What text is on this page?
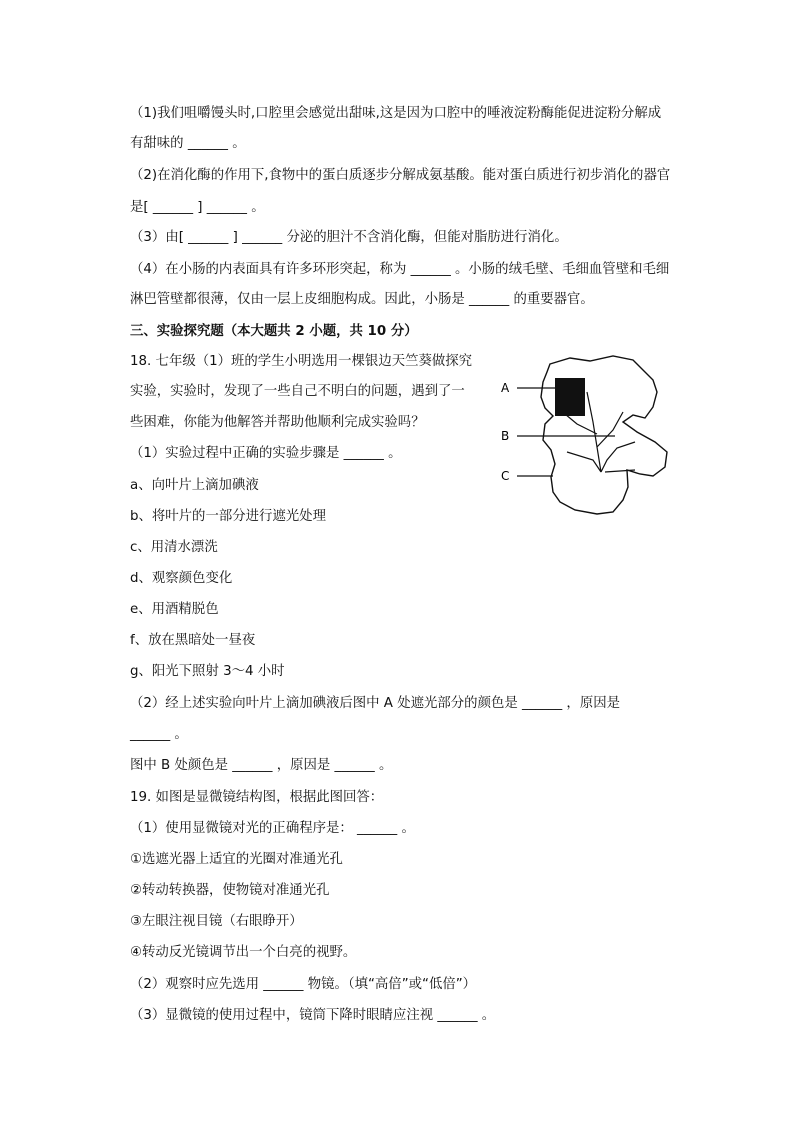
（1)我们咀嚼馒头时,口腔里会感觉出甜味,这是因为口腔中的唾液淀粉酶能促进淀粉分解成
有甜味的 ______ 。
（2)在消化酶的作用下,食物中的蛋白质逐步分解成氨基酸。能对蛋白质进行初步消化的器官
是[ ______ ] ______ 。
（3）由[ ______ ] ______ 分泌的胆汁不含消化酶，但能对脂肪进行消化。
（4）在小肠的内表面具有许多环形突起，称为 ______ 。小肠的绒毛壁、毛细血管壁和毛细
淋巴管壁都很薄，仅由一层上皮细胞构成。因此，小肠是 ______ 的重要器官。
三、实验探究题（本大题共 2 小题，共 10 分）
18. 七年级（1）班的学生小明选用一棵银边天竺葵做探究
实验，实验时，发现了一些自己不明白的问题，遇到了一
些困难，你能为他解答并帮助他顺利完成实验吗？
（1）实验过程中正确的实验步骤是 ______ 。
a、向叶片上滴加碘液
b、将叶片的一部分进行遮光处理
c、用清水漂洗
d、观察颜色变化
e、用酒精脱色
f、放在黑暗处一昼夜
g、阳光下照射 3～4 小时
（2）经上述实验向叶片上滴加碘液后图中 A 处遮光部分的颜色是 ______ ，原因是
______ 。
图中 B 处颜色是 ______ ，原因是 ______ 。
19. 如图是显微镜结构图，根据此图回答：
（1）使用显微镜对光的正确程序是： ______ 。
①选遮光器上适宜的光圈对准通光孔
②转动转换器，使物镜对准通光孔
③左眼注视目镜（右眼睁开）
④转动反光镜调节出一个白亮的视野。
（2）观察时应先选用 ______ 物镜。（填“高倍”或“低倍”）
（3）显微镜的使用过程中，镜筒下降时眼睛应注视 ______ 。
A
B
C
